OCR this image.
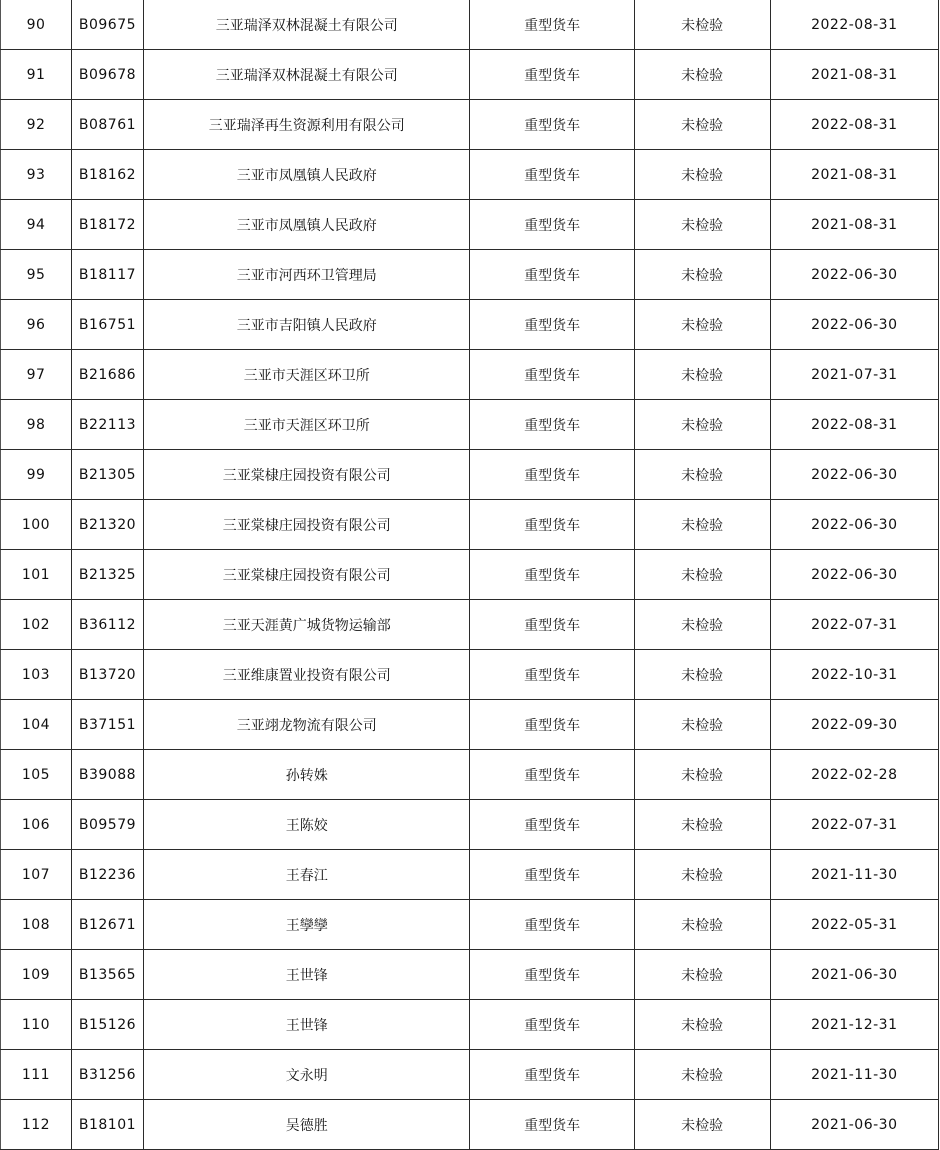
90	B09675	三亚瑞泽双林混凝土有限公司	重型货车	未检验	2022-08-31
91	B09678	三亚瑞泽双林混凝土有限公司	重型货车	未检验	2021-08-31
92	B08761	三亚瑞泽再生资源利用有限公司	重型货车	未检验	2022-08-31
93	B18162	三亚市凤凰镇人民政府	重型货车	未检验	2021-08-31
94	B18172	三亚市凤凰镇人民政府	重型货车	未检验	2021-08-31
95	B18117	三亚市河西环卫管理局	重型货车	未检验	2022-06-30
96	B16751	三亚市吉阳镇人民政府	重型货车	未检验	2022-06-30
97	B21686	三亚市天涯区环卫所	重型货车	未检验	2021-07-31
98	B22113	三亚市天涯区环卫所	重型货车	未检验	2022-08-31
99	B21305	三亚棠棣庄园投资有限公司	重型货车	未检验	2022-06-30
100	B21320	三亚棠棣庄园投资有限公司	重型货车	未检验	2022-06-30
101	B21325	三亚棠棣庄园投资有限公司	重型货车	未检验	2022-06-30
102	B36112	三亚天涯黄广城货物运输部	重型货车	未检验	2022-07-31
103	B13720	三亚维康置业投资有限公司	重型货车	未检验	2022-10-31
104	B37151	三亚翊龙物流有限公司	重型货车	未检验	2022-09-30
105	B39088	孙转姝	重型货车	未检验	2022-02-28
106	B09579	王陈姣	重型货车	未检验	2022-07-31
107	B12236	王春江	重型货车	未检验	2021-11-30
108	B12671	王孿孿	重型货车	未检验	2022-05-31
109	B13565	王世锋	重型货车	未检验	2021-06-30
110	B15126	王世锋	重型货车	未检验	2021-12-31
111	B31256	文永明	重型货车	未检验	2021-11-30
112	B18101	吴德胜	重型货车	未检验	2021-06-30
